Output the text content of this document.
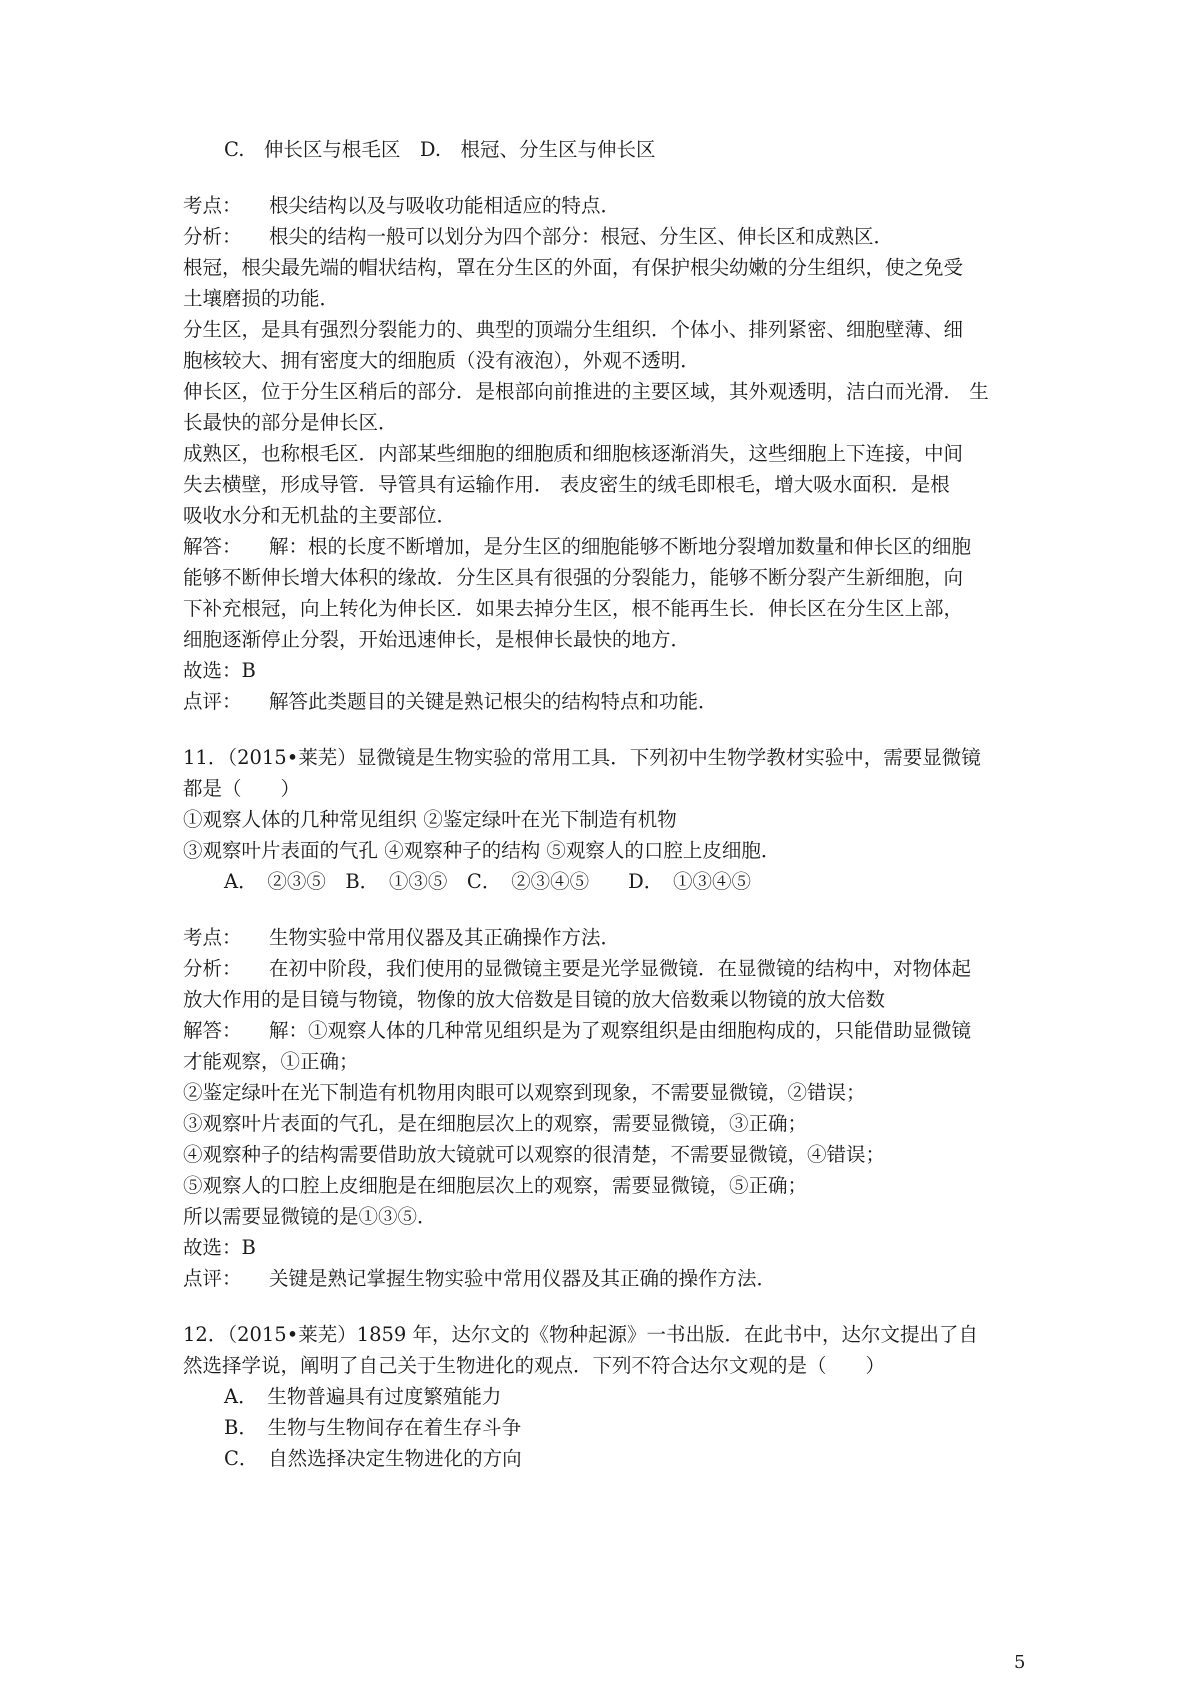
C.　伸长区与根毛区　D.　根冠、分生区与伸长区
考点： 根尖结构以及与吸收功能相适应的特点．
分析： 根尖的结构一般可以划分为四个部分：根冠、分生区、伸长区和成熟区．
根冠，根尖最先端的帽状结构，罩在分生区的外面，有保护根尖幼嫩的分生组织，使之免受
土壤磨损的功能．
分生区，是具有强烈分裂能力的、典型的顶端分生组织．个体小、排列紧密、细胞壁薄、细
胞核较大、拥有密度大的细胞质（没有液泡），外观不透明．
伸长区，位于分生区稍后的部分．是根部向前推进的主要区域，其外观透明，洁白而光滑． 生
长最快的部分是伸长区．
成熟区，也称根毛区．内部某些细胞的细胞质和细胞核逐渐消失，这些细胞上下连接，中间
失去横壁，形成导管．导管具有运输作用． 表皮密生的绒毛即根毛，增大吸水面积．是根
吸收水分和无机盐的主要部位．
解答： 解：根的长度不断增加，是分生区的细胞能够不断地分裂增加数量和伸长区的细胞
能够不断伸长增大体积的缘故．分生区具有很强的分裂能力，能够不断分裂产生新细胞，向
下补充根冠，向上转化为伸长区．如果去掉分生区，根不能再生长．伸长区在分生区上部，
细胞逐渐停止分裂，开始迅速伸长，是根伸长最快的地方．
故选：B
点评： 解答此类题目的关键是熟记根尖的结构特点和功能．
11．（2015•莱芜）显微镜是生物实验的常用工具．下列初中生物学教材实验中，需要显微镜
都是（　　）
①观察人体的几种常见组织 ②鉴定绿叶在光下制造有机物
③观察叶片表面的气孔 ④观察种子的结构 ⑤观察人的口腔上皮细胞．
A．　②③⑤　B．　①③⑤　C．　②③④⑤　　D．　①③④⑤
考点： 生物实验中常用仪器及其正确操作方法．
分析： 在初中阶段，我们使用的显微镜主要是光学显微镜．在显微镜的结构中，对物体起
放大作用的是目镜与物镜，物像的放大倍数是目镜的放大倍数乘以物镜的放大倍数
解答： 解：①观察人体的几种常见组织是为了观察组织是由细胞构成的，只能借助显微镜
才能观察，①正确；
②鉴定绿叶在光下制造有机物用肉眼可以观察到现象，不需要显微镜，②错误；
③观察叶片表面的气孔，是在细胞层次上的观察，需要显微镜，③正确；
④观察种子的结构需要借助放大镜就可以观察的很清楚，不需要显微镜，④错误；
⑤观察人的口腔上皮细胞是在细胞层次上的观察，需要显微镜，⑤正确；
所以需要显微镜的是①③⑤．
故选：B
点评： 关键是熟记掌握生物实验中常用仪器及其正确的操作方法．
12．（2015•莱芜）1859 年，达尔文的《物种起源》一书出版．在此书中，达尔文提出了自
然选择学说，阐明了自己关于生物进化的观点．下列不符合达尔文观的是（　　）
A．　生物普遍具有过度繁殖能力
B．　生物与生物间存在着生存斗争
C．　自然选择决定生物进化的方向
5
